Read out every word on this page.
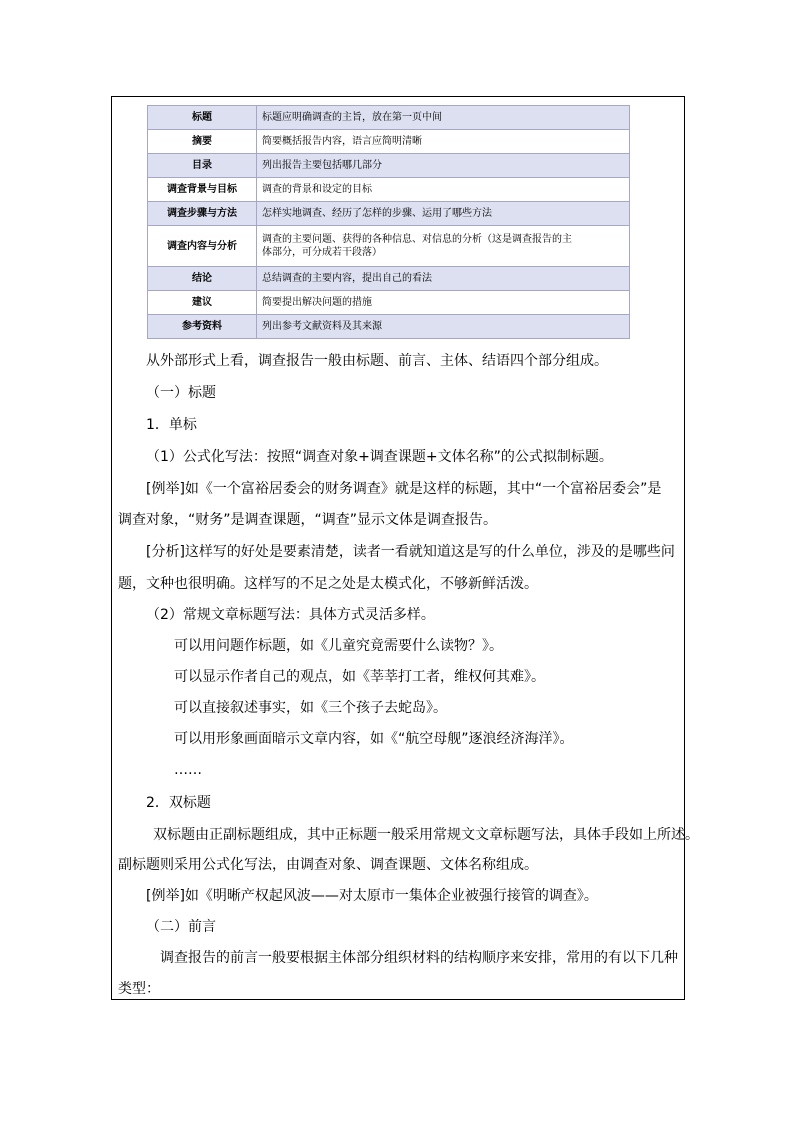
标题	标题应明确调查的主旨，放在第一页中间
摘要	简要概括报告内容，语言应简明清晰
目录	列出报告主要包括哪几部分
调查背景与目标	调查的背景和设定的目标
调查步骤与方法	怎样实地调查、经历了怎样的步骤、运用了哪些方法
调查内容与分析	调查的主要问题、获得的各种信息、对信息的分析（这是调查报告的主
体部分，可分成若干段落）
结论	总结调查的主要内容，提出自己的看法
建议	简要提出解决问题的措施
参考资料	列出参考文献资料及其来源

从外部形式上看，调查报告一般由标题、前言、主体、结语四个部分组成。

（一）标题

1．单标

（1）公式化写法：按照“调查对象+调查课题+文体名称”的公式拟制标题。

[例举]如《一个富裕居委会的财务调查》就是这样的标题，其中“一个富裕居委会”是

调查对象，“财务”是调查课题，“调查”显示文体是调查报告。

[分析]这样写的好处是要素清楚，读者一看就知道这是写的什么单位，涉及的是哪些问

题，文种也很明确。这样写的不足之处是太模式化，不够新鲜活泼。

（2）常规文章标题写法：具体方式灵活多样。

可以用问题作标题，如《儿童究竟需要什么读物？》。

可以显示作者自己的观点，如《莘莘打工者，维权何其难》。

可以直接叙述事实，如《三个孩子去蛇岛》。

可以用形象画面暗示文章内容，如《“航空母舰”逐浪经济海洋》。

……

2．双标题

双标题由正副标题组成，其中正标题一般采用常规文文章标题写法，具体手段如上所述。

副标题则采用公式化写法，由调查对象、调查课题、文体名称组成。

[例举]如《明晰产权起风波——对太原市一集体企业被强行接管的调查》。

（二）前言

调查报告的前言一般要根据主体部分组织材料的结构顺序来安排，常用的有以下几种

类型：
